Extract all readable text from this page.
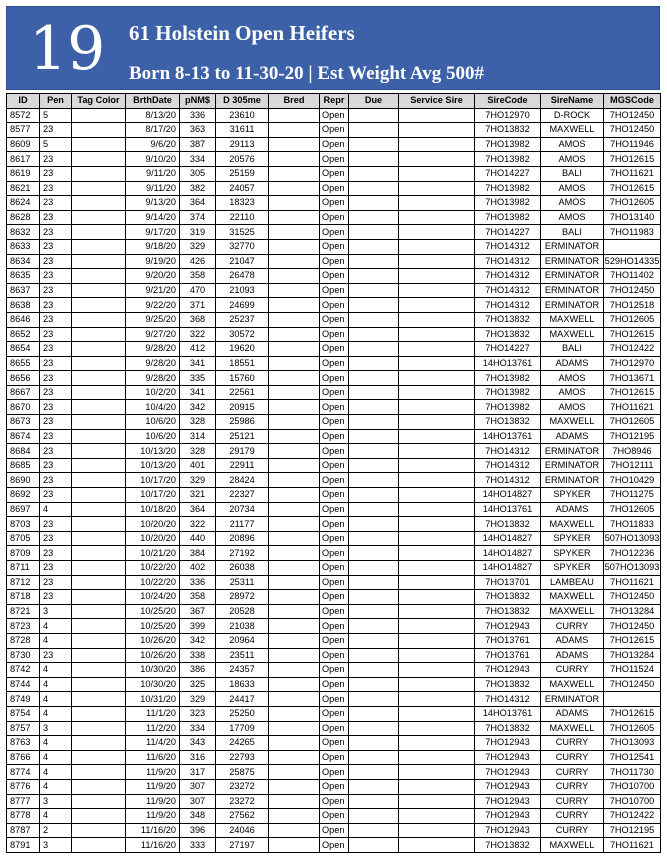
19 61 Holstein Open Heifers
Born 8-13 to 11-30-20 | Est Weight Avg 500#
ID	Pen	Tag Color	BrthDate	pNM$	D 305me	Bred	Repr	Due	Service Sire	SireCode	SireName	MGSCode
8572	5		8/13/20	336	23610		Open			7HO12970	D-ROCK	7HO12450
8577	23		8/17/20	363	31611		Open			7HO13832	MAXWELL	7HO12450
8609	5		9/6/20	387	29113		Open			7HO13982	AMOS	7HO11946
8617	23		9/10/20	334	20576		Open			7HO13982	AMOS	7HO12615
8619	23		9/11/20	305	25159		Open			7HO14227	BALI	7HO11621
8621	23		9/11/20	382	24057		Open			7HO13982	AMOS	7HO12615
8624	23		9/13/20	364	18323		Open			7HO13982	AMOS	7HO12605
8628	23		9/14/20	374	22110		Open			7HO13982	AMOS	7HO13140
8632	23		9/17/20	319	31525		Open			7HO14227	BALI	7HO11983
8633	23		9/18/20	329	32770		Open			7HO14312	ERMINATOR	
8634	23		9/19/20	426	21047		Open			7HO14312	ERMINATOR	529HO14335
8635	23		9/20/20	358	26478		Open			7HO14312	ERMINATOR	7HO11402
8637	23		9/21/20	470	21093		Open			7HO14312	ERMINATOR	7HO12450
8638	23		9/22/20	371	24699		Open			7HO14312	ERMINATOR	7HO12518
8646	23		9/25/20	368	25237		Open			7HO13832	MAXWELL	7HO12605
8652	23		9/27/20	322	30572		Open			7HO13832	MAXWELL	7HO12615
8654	23		9/28/20	412	19620		Open			7HO14227	BALI	7HO12422
8655	23		9/28/20	341	18551		Open			14HO13761	ADAMS	7HO12970
8656	23		9/28/20	335	15760		Open			7HO13982	AMOS	7HO13671
8667	23		10/2/20	341	22561		Open			7HO13982	AMOS	7HO12615
8670	23		10/4/20	342	20915		Open			7HO13982	AMOS	7HO11621
8673	23		10/6/20	328	25986		Open			7HO13832	MAXWELL	7HO12605
8674	23		10/6/20	314	25121		Open			14HO13761	ADAMS	7HO12195
8684	23		10/13/20	328	29179		Open			7HO14312	ERMINATOR	7HO8946
8685	23		10/13/20	401	22911		Open			7HO14312	ERMINATOR	7HO12111
8690	23		10/17/20	329	28424		Open			7HO14312	ERMINATOR	7HO10429
8692	23		10/17/20	321	22327		Open			14HO14827	SPYKER	7HO11275
8697	4		10/18/20	364	20734		Open			14HO13761	ADAMS	7HO12605
8703	23		10/20/20	322	21177		Open			7HO13832	MAXWELL	7HO11833
8705	23		10/20/20	440	20896		Open			14HO14827	SPYKER	507HO13093
8709	23		10/21/20	384	27192		Open			14HO14827	SPYKER	7HO12236
8711	23		10/22/20	402	26038		Open			14HO14827	SPYKER	507HO13093
8712	23		10/22/20	336	25311		Open			7HO13701	LAMBEAU	7HO11621
8718	23		10/24/20	358	28972		Open			7HO13832	MAXWELL	7HO12450
8721	3		10/25/20	367	20528		Open			7HO13832	MAXWELL	7HO13284
8723	4		10/25/20	399	21038		Open			7HO12943	CURRY	7HO12450
8728	4		10/26/20	342	20964		Open			7HO13761	ADAMS	7HO12615
8730	23		10/26/20	338	23511		Open			7HO13761	ADAMS	7HO13284
8742	4		10/30/20	386	24357		Open			7HO12943	CURRY	7HO11524
8744	4		10/30/20	325	18633		Open			7HO13832	MAXWELL	7HO12450
8749	4		10/31/20	329	24417		Open			7HO14312	ERMINATOR	
8754	4		11/1/20	323	25250		Open			14HO13761	ADAMS	7HO12615
8757	3		11/2/20	334	17709		Open			7HO13832	MAXWELL	7HO12605
8763	4		11/4/20	343	24265		Open			7HO12943	CURRY	7HO13093
8766	4		11/6/20	316	22793		Open			7HO12943	CURRY	7HO12541
8774	4		11/9/20	317	25875		Open			7HO12943	CURRY	7HO11730
8776	4		11/9/20	307	23272		Open			7HO12943	CURRY	7HO10700
8777	3		11/9/20	307	23272		Open			7HO12943	CURRY	7HO10700
8778	4		11/9/20	348	27562		Open			7HO12943	CURRY	7HO12422
8787	2		11/16/20	396	24046		Open			7HO12943	CURRY	7HO12195
8791	3		11/16/20	333	27197		Open			7HO13832	MAXWELL	7HO11621
